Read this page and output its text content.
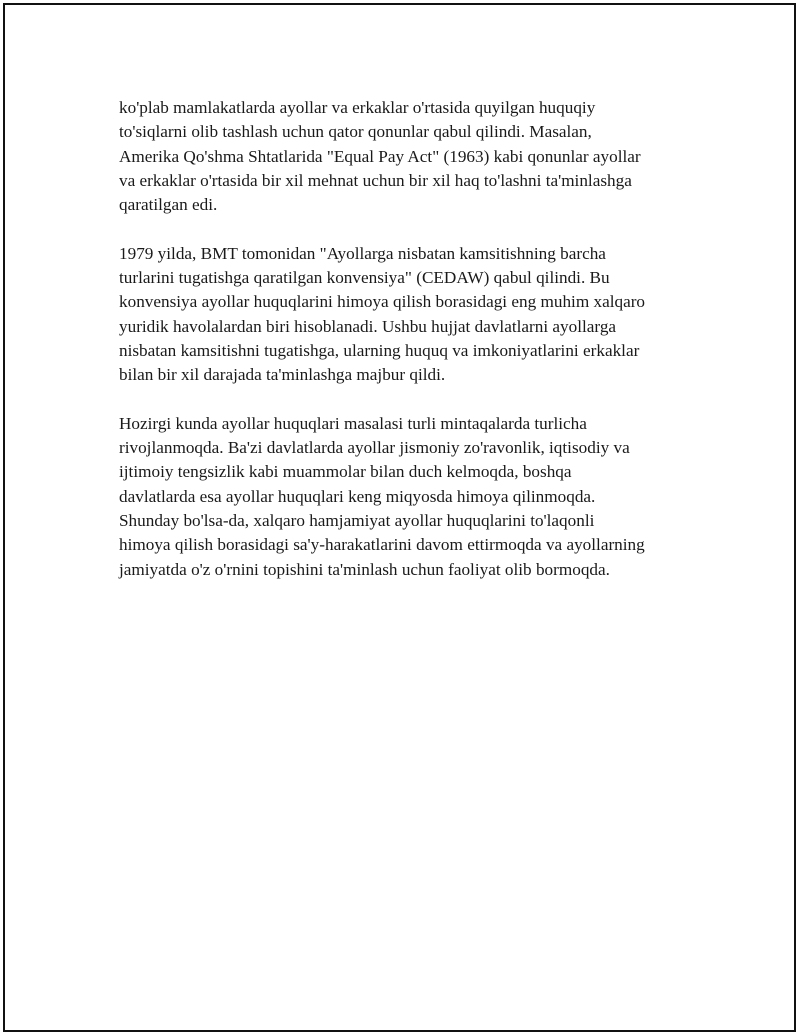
ko'plab mamlakatlarda ayollar va erkaklar o'rtasida quyilgan huquqiy
to'siqlarni olib tashlash uchun qator qonunlar qabul qilindi. Masalan,
Amerika Qo'shma Shtatlarida "Equal Pay Act" (1963) kabi qonunlar ayollar
va erkaklar o'rtasida bir xil mehnat uchun bir xil haq to'lashni ta'minlashga
qaratilgan edi.
1979 yilda, BMT tomonidan "Ayollarga nisbatan kamsitishning barcha
turlarini tugatishga qaratilgan konvensiya" (CEDAW) qabul qilindi. Bu
konvensiya ayollar huquqlarini himoya qilish borasidagi eng muhim xalqaro
yuridik havolalardan biri hisoblanadi. Ushbu hujjat davlatlarni ayollarga
nisbatan kamsitishni tugatishga, ularning huquq va imkoniyatlarini erkaklar
bilan bir xil darajada ta'minlashga majbur qildi.
Hozirgi kunda ayollar huquqlari masalasi turli mintaqalarda turlicha
rivojlanmoqda. Ba'zi davlatlarda ayollar jismoniy zo'ravonlik, iqtisodiy va
ijtimoiy tengsizlik kabi muammolar bilan duch kelmoqda, boshqa
davlatlarda esa ayollar huquqlari keng miqyosda himoya qilinmoqda.
Shunday bo'lsa-da, xalqaro hamjamiyat ayollar huquqlarini to'laqonli
himoya qilish borasidagi sa'y-harakatlarini davom ettirmoqda va ayollarning
jamiyatda o'z o'rnini topishini ta'minlash uchun faoliyat olib bormoqda.
